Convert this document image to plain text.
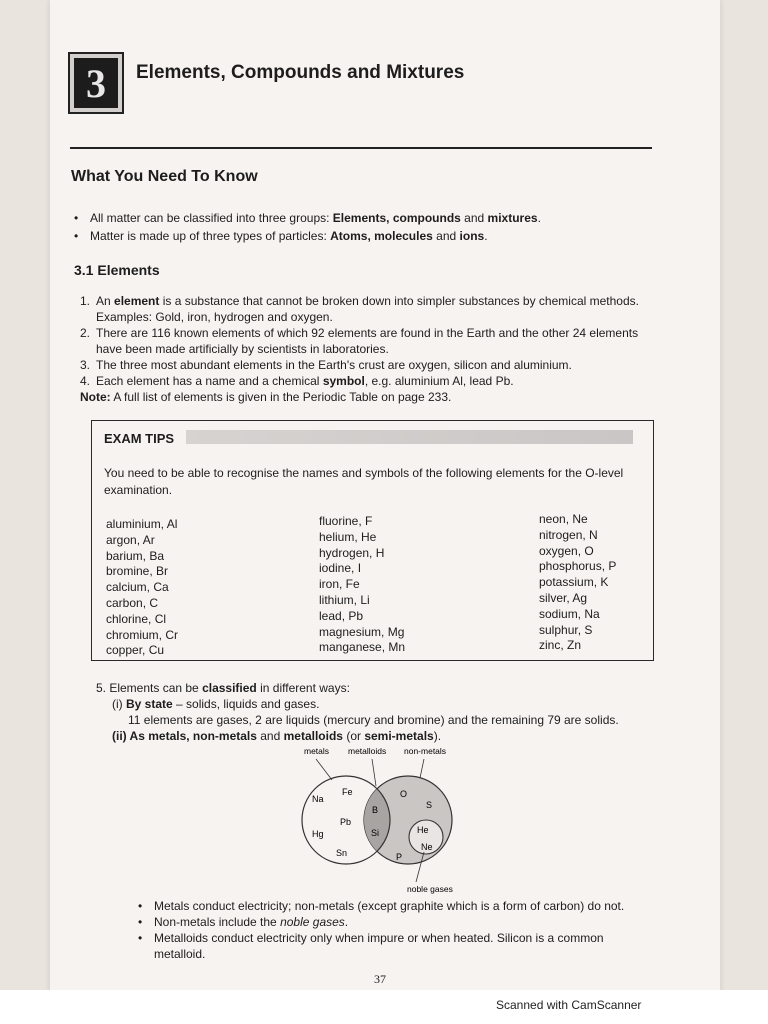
3	Elements, Compounds and Mixtures
What You Need To Know
• All matter can be classified into three groups: Elements, compounds and mixtures.
• Matter is made up of three types of particles: Atoms, molecules and ions.
3.1 Elements
1. An element is a substance that cannot be broken down into simpler substances by chemical methods.
Examples: Gold, iron, hydrogen and oxygen.
2. There are 116 known elements of which 92 elements are found in the Earth and the other 24 elements
have been made artificially by scientists in laboratories.
3. The three most abundant elements in the Earth's crust are oxygen, silicon and aluminium.
4. Each element has a name and a chemical symbol, e.g. aluminium Al, lead Pb.
Note: A full list of elements is given in the Periodic Table on page 233.
EXAM TIPS
You need to be able to recognise the names and symbols of the following elements for the O-level examination.
aluminium, Al
argon, Ar
barium, Ba
bromine, Br
calcium, Ca
carbon, C
chlorine, Cl
chromium, Cr
copper, Cu
fluorine, F
helium, He
hydrogen, H
iodine, I
iron, Fe
lithium, Li
lead, Pb
magnesium, Mg
manganese, Mn
neon, Ne
nitrogen, N
oxygen, O
phosphorus, P
potassium, K
silver, Ag
sodium, Na
sulphur, S
zinc, Zn
5. Elements can be classified in different ways:
(i) By state – solids, liquids and gases.
11 elements are gases, 2 are liquids (mercury and bromine) and the remaining 79 are solids.
(ii) As metals, non-metals and metalloids (or semi-metals).
metals metalloids non-metals
noble gases
Na
Fe
Pb
Hg
Sn
B
Si
O
S
P
He
Ne
• Metals conduct electricity; non-metals (except graphite which is a form of carbon) do not.
• Non-metals include the noble gases.
• Metalloids conduct electricity only when impure or when heated. Silicon is a common metalloid.
37
Scanned with CamScanner
